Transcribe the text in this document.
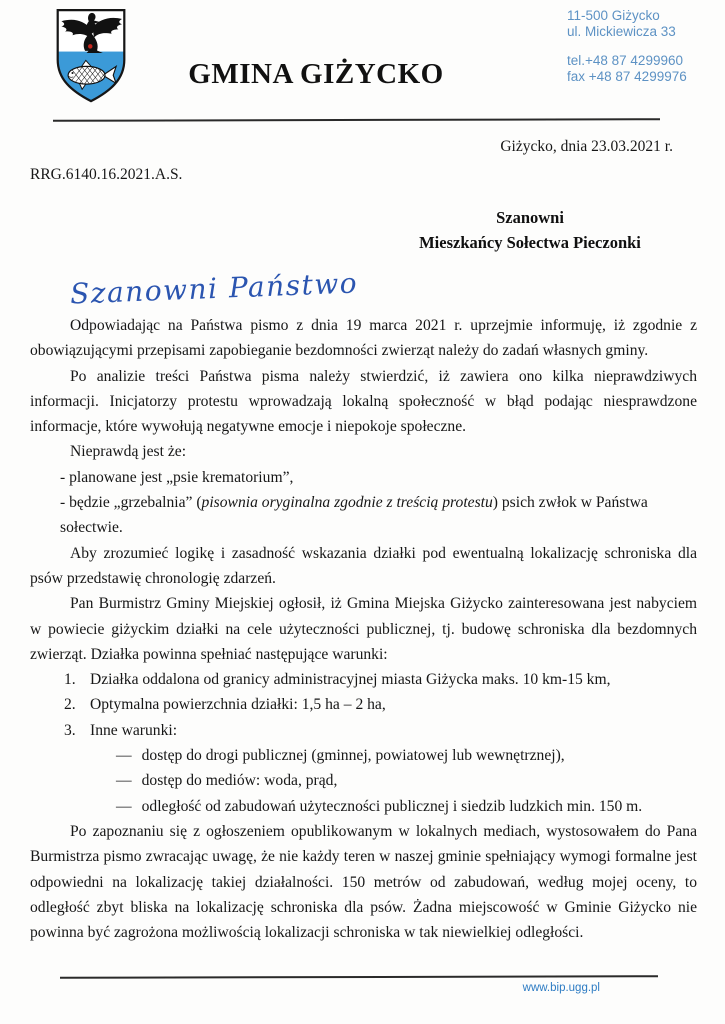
GMINA GIŻYCKO
11-500 Giżycko
ul. Mickiewicza 33
tel.+48 87 4299960
fax +48 87 4299976
Giżycko, dnia 23.03.2021 r.
RRG.6140.16.2021.A.S.
Szanowni
Mieszkańcy Sołectwa Pieczonki
Szanowni Państwo

Odpowiadając na Państwa pismo z dnia 19 marca 2021 r. uprzejmie informuję, iż zgodnie z obowiązującymi przepisami zapobieganie bezdomności zwierząt należy do zadań własnych gminy.

Po analizie treści Państwa pisma należy stwierdzić, iż zawiera ono kilka nieprawdziwych informacji. Inicjatorzy protestu wprowadzają lokalną społeczność w błąd podając niesprawdzone informacje, które wywołują negatywne emocje i niepokoje społeczne.

Nieprawdą jest że:

- planowane jest „psie krematorium”,

- będzie „grzebalnia” (pisownia oryginalna zgodnie z treścią protestu) psich zwłok w Państwa sołectwie.

Aby zrozumieć logikę i zasadność wskazania działki pod ewentualną lokalizację schroniska dla psów przedstawię chronologię zdarzeń.

Pan Burmistrz Gminy Miejskiej ogłosił, iż Gmina Miejska Giżycko zainteresowana jest nabyciem w powiecie giżyckim działki na cele użyteczności publicznej, tj. budowę schroniska dla bezdomnych zwierząt. Działka powinna spełniać następujące warunki:

1. Działka oddalona od granicy administracyjnej miasta Giżycka maks. 10 km-15 km,
2. Optymalna powierzchnia działki: 1,5 ha – 2 ha,
3. Inne warunki:
— dostęp do drogi publicznej (gminnej, powiatowej lub wewnętrznej),
— dostęp do mediów: woda, prąd,
— odległość od zabudowań użyteczności publicznej i siedzib ludzkich min. 150 m.

Po zapoznaniu się z ogłoszeniem opublikowanym w lokalnych mediach, wystosowałem do Pana Burmistrza pismo zwracając uwagę, że nie każdy teren w naszej gminie spełniający wymogi formalne jest odpowiedni na lokalizację takiej działalności. 150 metrów od zabudowań, według mojej oceny, to odległość zbyt bliska na lokalizację schroniska dla psów. Żadna miejscowość w Gminie Giżycko nie powinna być zagrożona możliwością lokalizacji schroniska w tak niewielkiej odległości.

www.bip.ugg.pl
